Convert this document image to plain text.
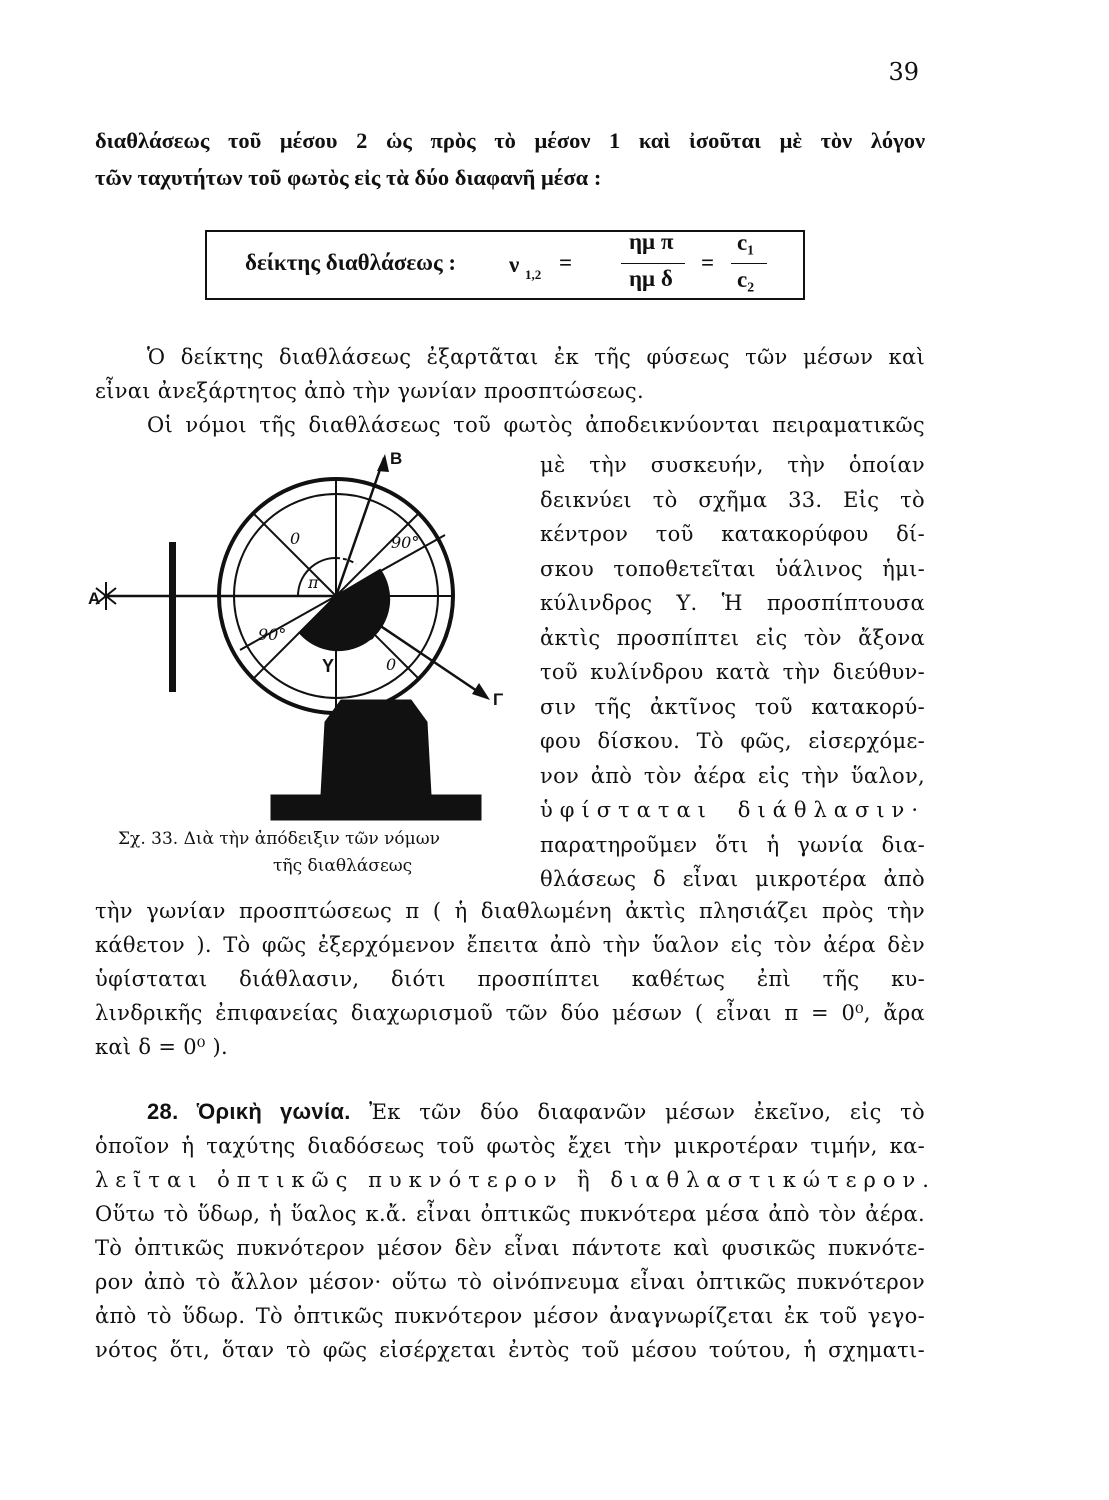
39
διαθλάσεως τοῦ μέσου 2 ὡς πρὸς τὸ μέσον 1 καὶ ἰσοῦται μὲ τὸν λόγον
τῶν ταχυτήτων τοῦ φωτὸς εἰς τὰ δύο διαφανῆ μέσα :
δείκτης διαθλάσεως : ν 1,2 =
ημ π
ημ δ
=
c₁
c₂
Ὁ δείκτης διαθλάσεως ἐξαρτᾶται ἐκ τῆς φύσεως τῶν μέσων καὶ
εἶναι ἀνεξάρτητος ἀπὸ τὴν γωνίαν προσπτώσεως.
Οἱ νόμοι τῆς διαθλάσεως τοῦ φωτὸς ἀποδεικνύονται πειραματικῶς
μὲ τὴν συσκευήν, τὴν ὁποίαν
δεικνύει τὸ σχῆμα 33. Εἰς τὸ
κέντρον τοῦ κατακορύφου δί-
σκου τοποθετεῖται ὑάλινος ἡμι-
κύλινδρος Υ. Ἡ προσπίπτουσα
ἀκτὶς προσπίπτει εἰς τὸν ἄξονα
τοῦ κυλίνδρου κατὰ τὴν διεύθυν-
σιν τῆς ἀκτῖνος τοῦ κατακορύ-
φου δίσκου. Τὸ φῶς, εἰσερχόμε-
νον ἀπὸ τὸν ἀέρα εἰς τὴν ὕαλον,
ὑφίσταται διάθλασιν·
παρατηροῦμεν ὅτι ἡ γωνία δια-
θλάσεως δ εἶναι μικροτέρα ἀπὸ
Α
Β
Γ
Υ
π
δ
90°
90°
0
0
Σχ. 33. Διὰ τὴν ἀπόδειξιν τῶν νόμων
τῆς διαθλάσεως
τὴν γωνίαν προσπτώσεως π ( ἡ διαθλωμένη ἀκτὶς πλησιάζει πρὸς τὴν
κάθετον ). Τὸ φῶς ἐξερχόμενον ἔπειτα ἀπὸ τὴν ὕαλον εἰς τὸν ἀέρα δὲν
ὑφίσταται διάθλασιν, διότι προσπίπτει καθέτως ἐπὶ τῆς κυ-
λινδρικῆς ἐπιφανείας διαχωρισμοῦ τῶν δύο μέσων ( εἶναι π = 0⁰, ἄρα
καὶ δ = 0⁰ ).
28. Ὁρικὴ γωνία. Ἐκ τῶν δύο διαφανῶν μέσων ἐκεῖνο, εἰς τὸ
ὁποῖον ἡ ταχύτης διαδόσεως τοῦ φωτὸς ἔχει τὴν μικροτέραν τιμήν, κα-
λεῖται ὀπτικῶς πυκνότερον ἢ διαθλαστικώτερον.
Οὕτω τὸ ὕδωρ, ἡ ὕαλος κ.ἄ. εἶναι ὀπτικῶς πυκνότερα μέσα ἀπὸ τὸν ἀέρα.
Τὸ ὀπτικῶς πυκνότερον μέσον δὲν εἶναι πάντοτε καὶ φυσικῶς πυκνότε-
ρον ἀπὸ τὸ ἄλλον μέσον· οὕτω τὸ οἰνόπνευμα εἶναι ὀπτικῶς πυκνότερον
ἀπὸ τὸ ὕδωρ. Τὸ ὀπτικῶς πυκνότερον μέσον ἀναγνωρίζεται ἐκ τοῦ γεγο-
νότος ὅτι, ὅταν τὸ φῶς εἰσέρχεται ἐντὸς τοῦ μέσου τούτου, ἡ σχηματι-
